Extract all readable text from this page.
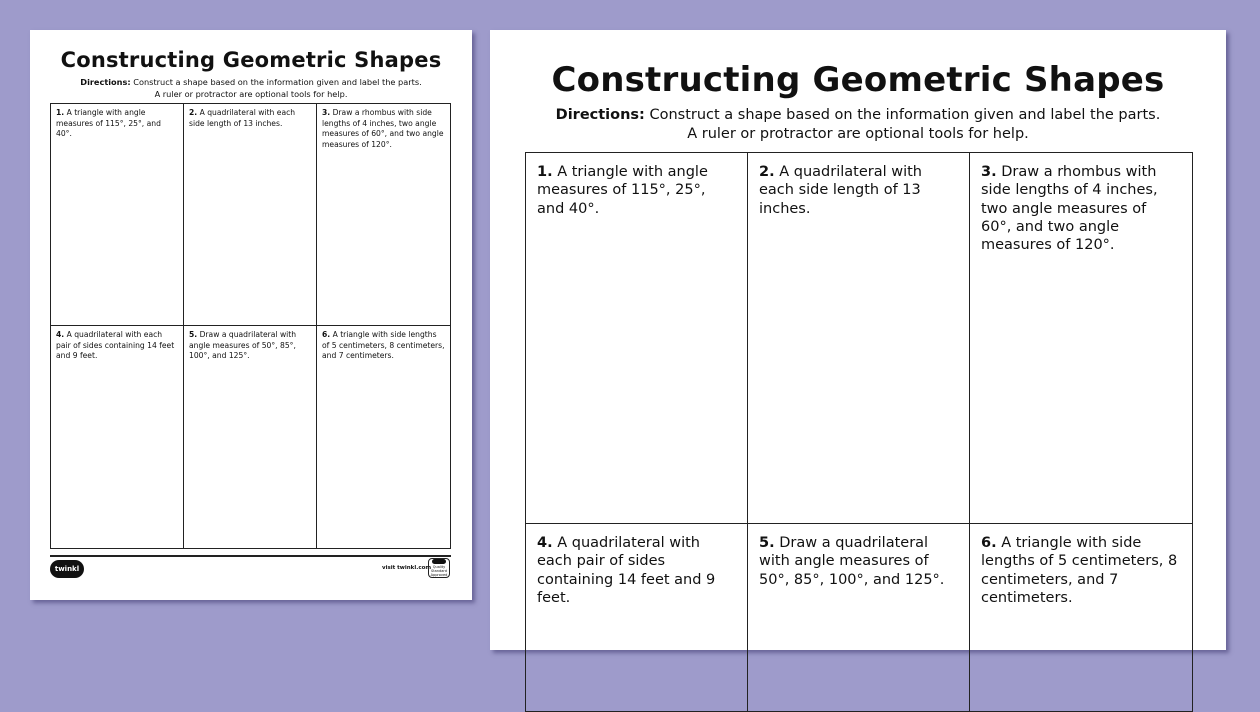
Constructing Geometric Shapes
Directions: Construct a shape based on the information given and label the parts.
A ruler or protractor are optional tools for help.
1. A triangle with angle measures of 115°, 25°, and 40°.
2. A quadrilateral with each side length of 13 inches.
3. Draw a rhombus with side lengths of 4 inches, two angle measures of 60°, and two angle measures of 120°.
4. A quadrilateral with each pair of sides containing 14 feet and 9 feet.
5. Draw a quadrilateral with angle measures of 50°, 85°, 100°, and 125°.
6. A triangle with side lengths of 5 centimeters, 8 centimeters, and 7 centimeters.
twinkl	visit twinkl.com Quality Standard Approved
Constructing Geometric Shapes
Directions: Construct a shape based on the information given and label the parts.
A ruler or protractor are optional tools for help.
1. A triangle with angle measures of 115°, 25°, and 40°.
2. A quadrilateral with each side length of 13 inches.
3. Draw a rhombus with side lengths of 4 inches, two angle measures of 60°, and two angle measures of 120°.
4. A quadrilateral with each pair of sides containing 14 feet and 9 feet.
5. Draw a quadrilateral with angle measures of 50°, 85°, 100°, and 125°.
6. A triangle with side lengths of 5 centimeters, 8 centimeters, and 7 centimeters.
